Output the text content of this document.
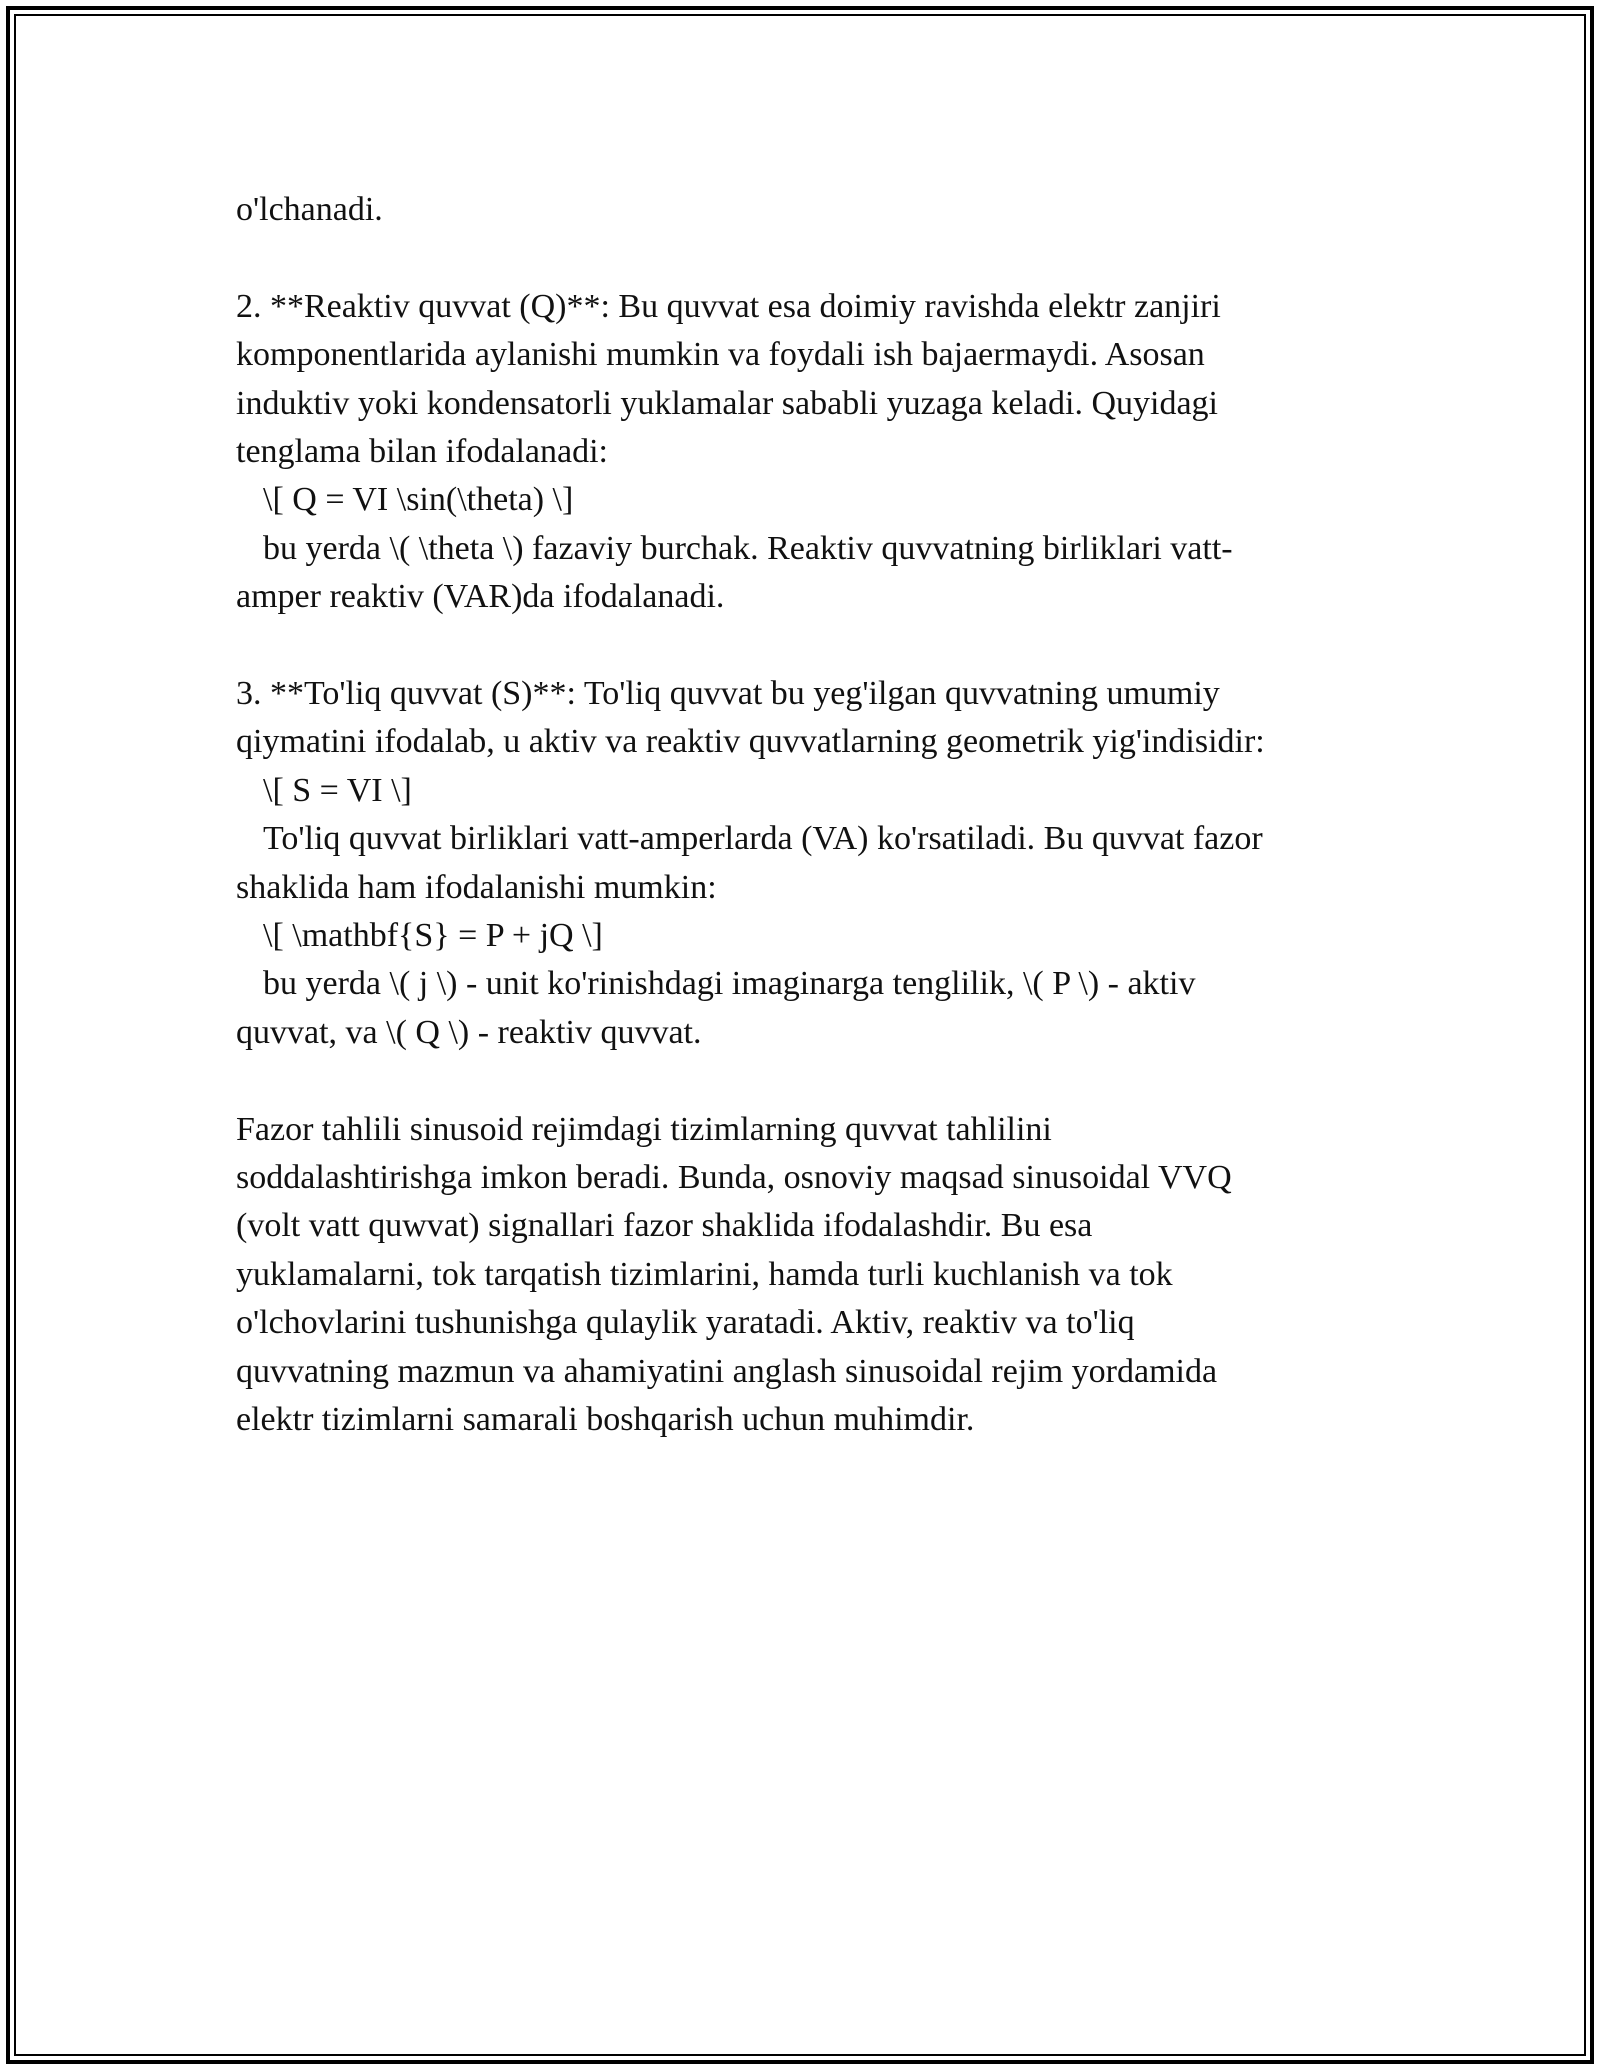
o'lchanadi.

2. **Reaktiv quvvat (Q)**: Bu quvvat esa doimiy ravishda elektr zanjiri

komponentlarida aylanishi mumkin va foydali ish bajaermaydi. Asosan

induktiv yoki kondensatorli yuklamalar sababli yuzaga keladi. Quyidagi

tenglama bilan ifodalanadi:

\[ Q = VI \sin(\theta) \]

bu yerda \( \theta \) fazaviy burchak. Reaktiv quvvatning birliklari vatt-

amper reaktiv (VAR)da ifodalanadi.

3. **To'liq quvvat (S)**: To'liq quvvat bu yeg'ilgan quvvatning umumiy

qiymatini ifodalab, u aktiv va reaktiv quvvatlarning geometrik yig'indisidir:

\[ S = VI \]

To'liq quvvat birliklari vatt-amperlarda (VA) ko'rsatiladi. Bu quvvat fazor

shaklida ham ifodalanishi mumkin:

\[ \mathbf{S} = P + jQ \]

bu yerda \( j \) - unit ko'rinishdagi imaginarga tenglilik, \( P \) - aktiv

quvvat, va \( Q \) - reaktiv quvvat.

Fazor tahlili sinusoid rejimdagi tizimlarning quvvat tahlilini

soddalashtirishga imkon beradi. Bunda, osnoviy maqsad sinusoidal VVQ

(volt vatt quwvat) signallari fazor shaklida ifodalashdir. Bu esa

yuklamalarni, tok tarqatish tizimlarini, hamda turli kuchlanish va tok

o'lchovlarini tushunishga qulaylik yaratadi. Aktiv, reaktiv va to'liq

quvvatning mazmun va ahamiyatini anglash sinusoidal rejim yordamida

elektr tizimlarni samarali boshqarish uchun muhimdir.
